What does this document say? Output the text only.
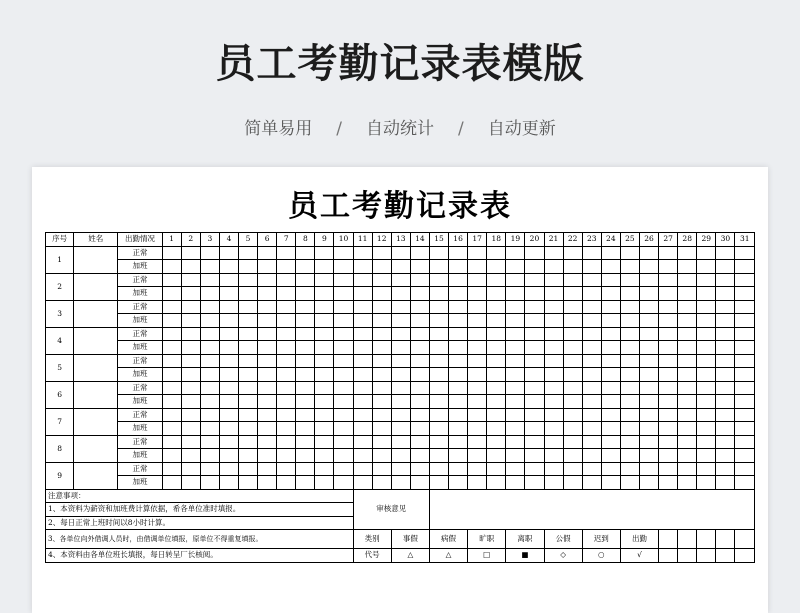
员工考勤记录表模版
简单易用 / 自动统计 / 自动更新
员工考勤记录表
序号	姓名	出勤情况	1	2	3	4	5	6	7	8	9	10	11	12	13	14	15	16	17	18	19	20	21	22	23	24	25	26	27	28	29	30	31
1		正常																															
		加班																															
2		正常																															
		加班																															
3		正常																															
		加班																															
4		正常																															
		加班																															
5		正常																															
		加班																															
6		正常																															
		加班																															
7		正常																															
		加班																															
8		正常																															
		加班																															
9		正常																															
		加班																															
注意事项：													审核意见																				
1、本资料为薪资和加班费计算依据，希各单位准时填报。																																	
2、每日正常上班时间以8小时计算。																																	
3、各单位向外借调人员时，由借调单位填报，原单位不得重复填报。													类别		事假		病假		旷职		离职		公假		迟到		出勤						
4、本资料由各单位班长填报，每日转呈厂长核阅。													代号		△		△		□		■		◇		○		√						
